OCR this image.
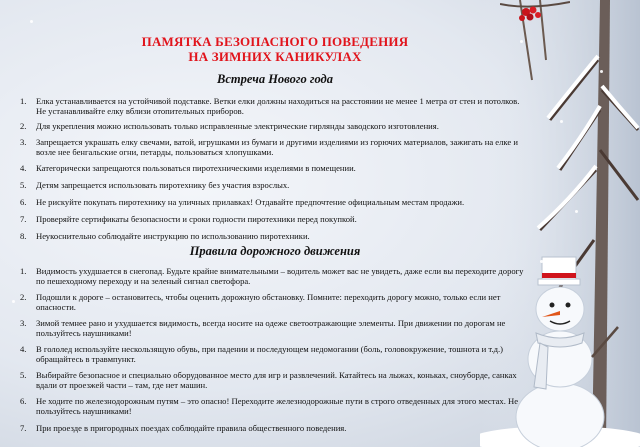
ПАМЯТКА БЕЗОПАСНОГО ПОВЕДЕНИЯ
НА ЗИМНИХ КАНИКУЛАХ
Встреча Нового года
1. Елка устанавливается на устойчивой подставке. Ветки елки должны находиться на расстоянии не менее 1 метра от стен и потолков. Не устанавливайте елку вблизи отопительных приборов.
2. Для укрепления можно использовать только исправленные электрические гирлянды заводского изготовления.
3. Запрещается украшать елку свечами, ватой, игрушками из бумаги и другими изделиями из горючих материалов, зажигать на елке и возле нее бенгальские огни, петарды, пользоваться хлопушками.
4. Категорически запрещаются пользоваться пиротехническими изделиями в помещении.
5. Детям запрещается использовать пиротехнику без участия взрослых.
6. Не рискуйте покупать пиротехнику на уличных прилавках! Отдавайте предпочтение официальным местам продажи.
7. Проверяйте сертификаты безопасности и сроки годности пиротехники перед покупкой.
8. Неукоснительно соблюдайте инструкцию по использованию пиротехники.
Правила дорожного движения
1. Видимость ухудшается в снегопад. Будьте крайне внимательными – водитель может вас не увидеть, даже если вы переходите дорогу по пешеходному переходу и на зеленый сигнал светофора.
2. Подошли к дороге – остановитесь, чтобы оценить дорожную обстановку. Помните: переходить дорогу можно, только если нет опасности.
3. Зимой темнее рано и ухудшается видимость, всегда носите на одеже светоотражающие элементы. При движении по дорогам не пользуйтесь наушниками!
4. В гололед используйте нескользящую обувь, при падении и последующем недомогании (боль, головокружение, тошнота и т.д.) обращайтесь в травмпункт.
5. Выбирайте безопасное и специально оборудованное место для игр и развлечений. Катайтесь на лыжах, коньках, сноуборде, санках вдали от проезжей части – там, где нет машин.
6. Не ходите по железнодорожным путям – это опасно! Переходите железнодорожные пути в строго отведенных для этого местах. Не пользуйтесь наушниками!
7. При проезде в пригородных поездах соблюдайте правила общественного поведения.
